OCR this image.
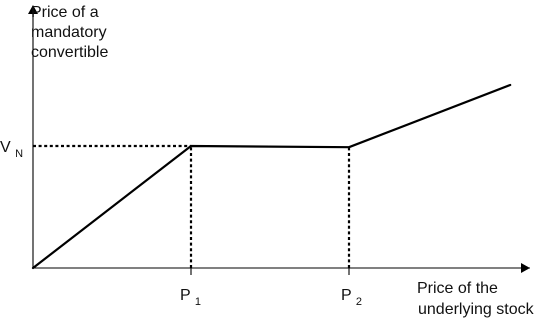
Price of a mandatory convertible
Price of the underlying stock
V $_N$
P $_1$	P $_2$
